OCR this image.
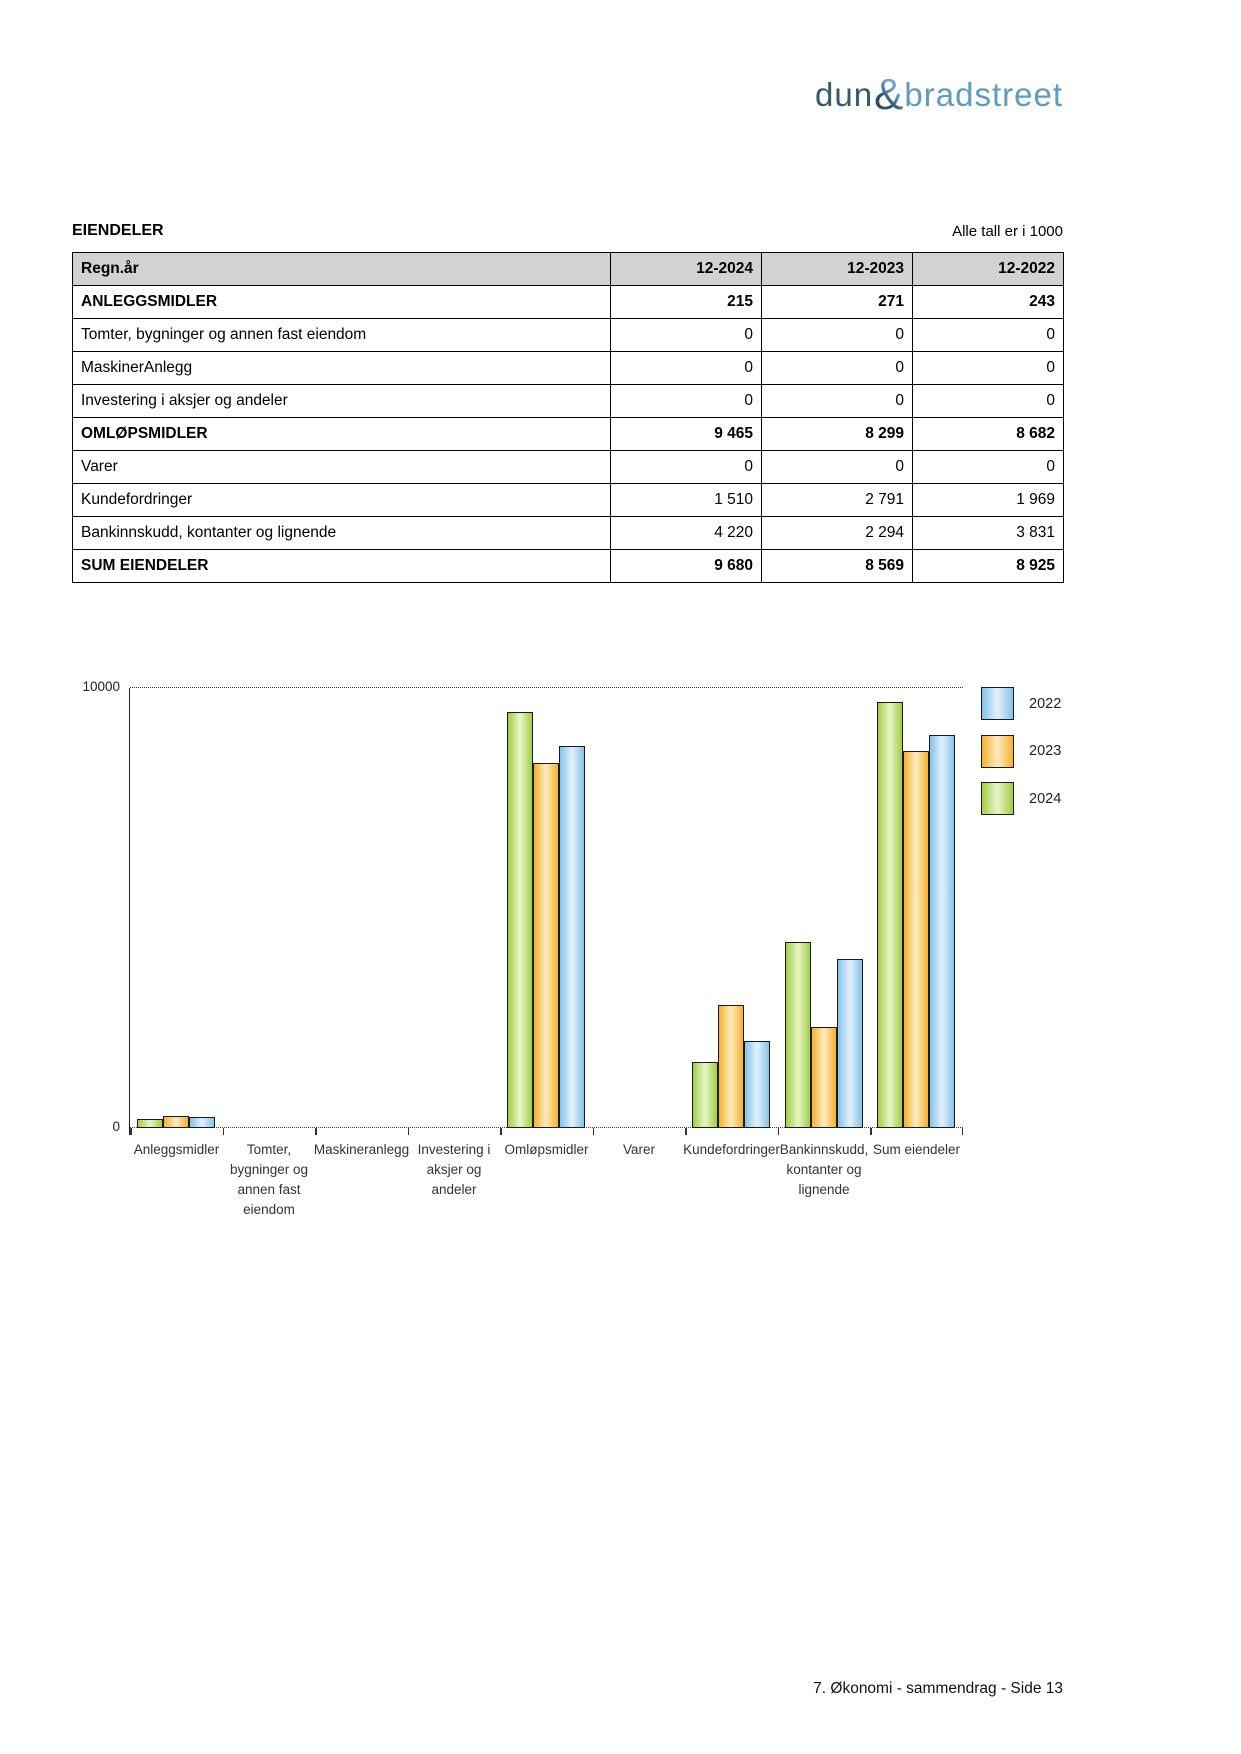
dun & bradstreet
EIENDELER	Alle tall er i 1000
Regn.år	12-2024	12-2023	12-2022
ANLEGGSMIDLER	215	271	243
Tomter, bygninger og annen fast eiendom	0	0	0
MaskinerAnlegg	0	0	0
Investering i aksjer og andeler	0	0	0
OMLØPSMIDLER	9 465	8 299	8 682
Varer	0	0	0
Kundefordringer	1 510	2 791	1 969
Bankinnskudd, kontanter og lignende	4 220	2 294	3 831
SUM EIENDELER	9 680	8 569	8 925
10000
0
Anleggsmidler Tomter,
bygninger og
annen fast
eiendom
Maskineranlegg Investering i
aksjer og
andeler
Omløpsmidler	Varer Kundefordringer Bankinnskudd,
kontanter og
lignende
Sum eiendeler
2022
2023
2024
7. Økonomi - sammendrag - Side 13
